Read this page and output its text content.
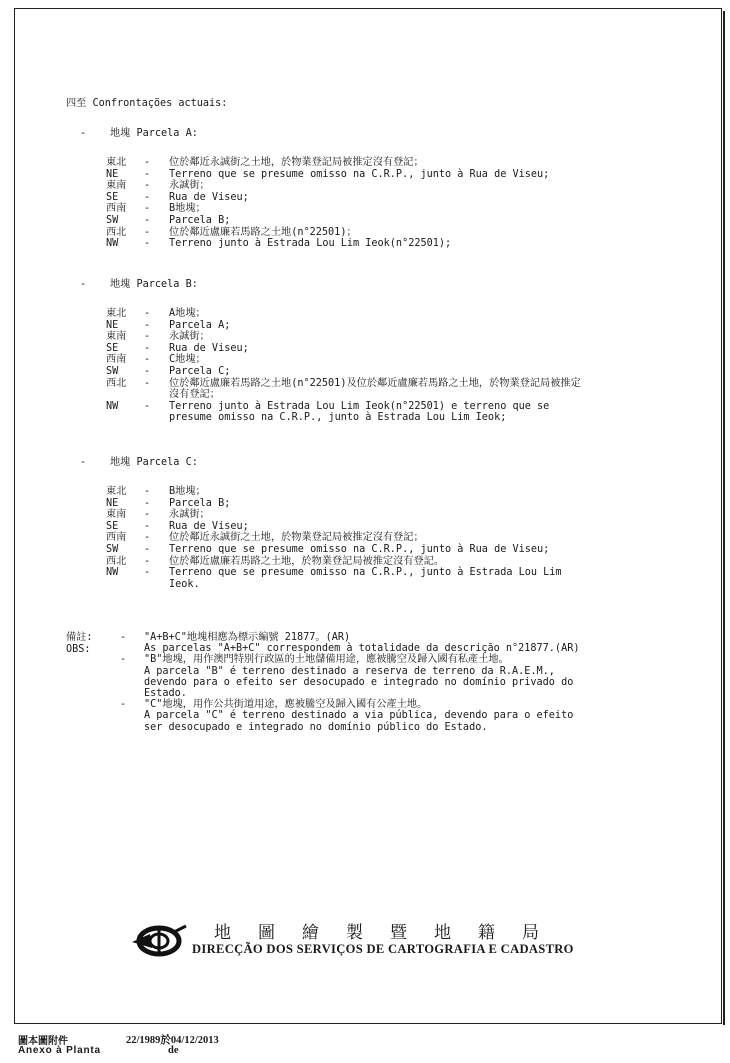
四至 Confrontações actuais:
- 地塊 Parcela A:
東北 - 位於鄰近永誠街之土地，於物業登記局被推定沒有登記；
NE	- Terreno que se presume omisso na C.R.P., junto à Rua de Viseu;
東南 - 永誠街；
SE	- Rua de Viseu;
西南 - B地塊；
SW	- Parcela B;
西北 - 位於鄰近盧廉若馬路之土地(n°22501)；
NW	- Terreno junto à Estrada Lou Lim Ieok(n°22501);
- 地塊 Parcela B:
東北 - A地塊；
NE	- Parcela A;
東南 - 永誠街；
SE	- Rua de Viseu;
西南 - C地塊；
SW	- Parcela C;
西北 - 位於鄰近盧廉若馬路之土地(n°22501)及位於鄰近盧廉若馬路之土地，於物業登記局被推定
沒有登記；
NW	- Terreno junto à Estrada Lou Lim Ieok(n°22501) e terreno que se
presume omisso na C.R.P., junto à Estrada Lou Lim Ieok;
- 地塊 Parcela C:
東北 - B地塊；
NE	- Parcela B;
東南 - 永誠街；
SE	- Rua de Viseu;
西南 - 位於鄰近永誠街之土地，於物業登記局被推定沒有登記；
SW	- Terreno que se presume omisso na C.R.P., junto à Rua de Viseu;
西北 - 位於鄰近盧廉若馬路之土地，於物業登記局被推定沒有登記。
NW	- Terreno que se presume omisso na C.R.P., junto à Estrada Lou Lim
Ieok.

備註:

OBS:

- "A+B+C"地塊相應為標示編號 21877。(AR)
As parcelas "A+B+C" correspondem à totalidade da descrição n°21877.(AR)
- "B"地塊，用作澳門特別行政區的土地儲備用途，應被騰空及歸入國有私產土地。
A parcela "B" é terreno destinado a reserva de terreno da R.A.E.M.,
devendo para o efeito ser desocupado e integrado no domínio privado do
Estado.
- "C"地塊，用作公共街道用途，應被騰空及歸入國有公產土地。
A parcela "C" é terreno destinado a via pública, devendo para o efeito
ser desocupado e integrado no domínio público do Estado.
地圖繪製暨地籍局
DIRECÇÃO DOS SERVIÇOS DE CARTOGRAFIA E CADASTRO
圖本圖附件	22/1989於04/12/2013
Anexo à Planta	de
